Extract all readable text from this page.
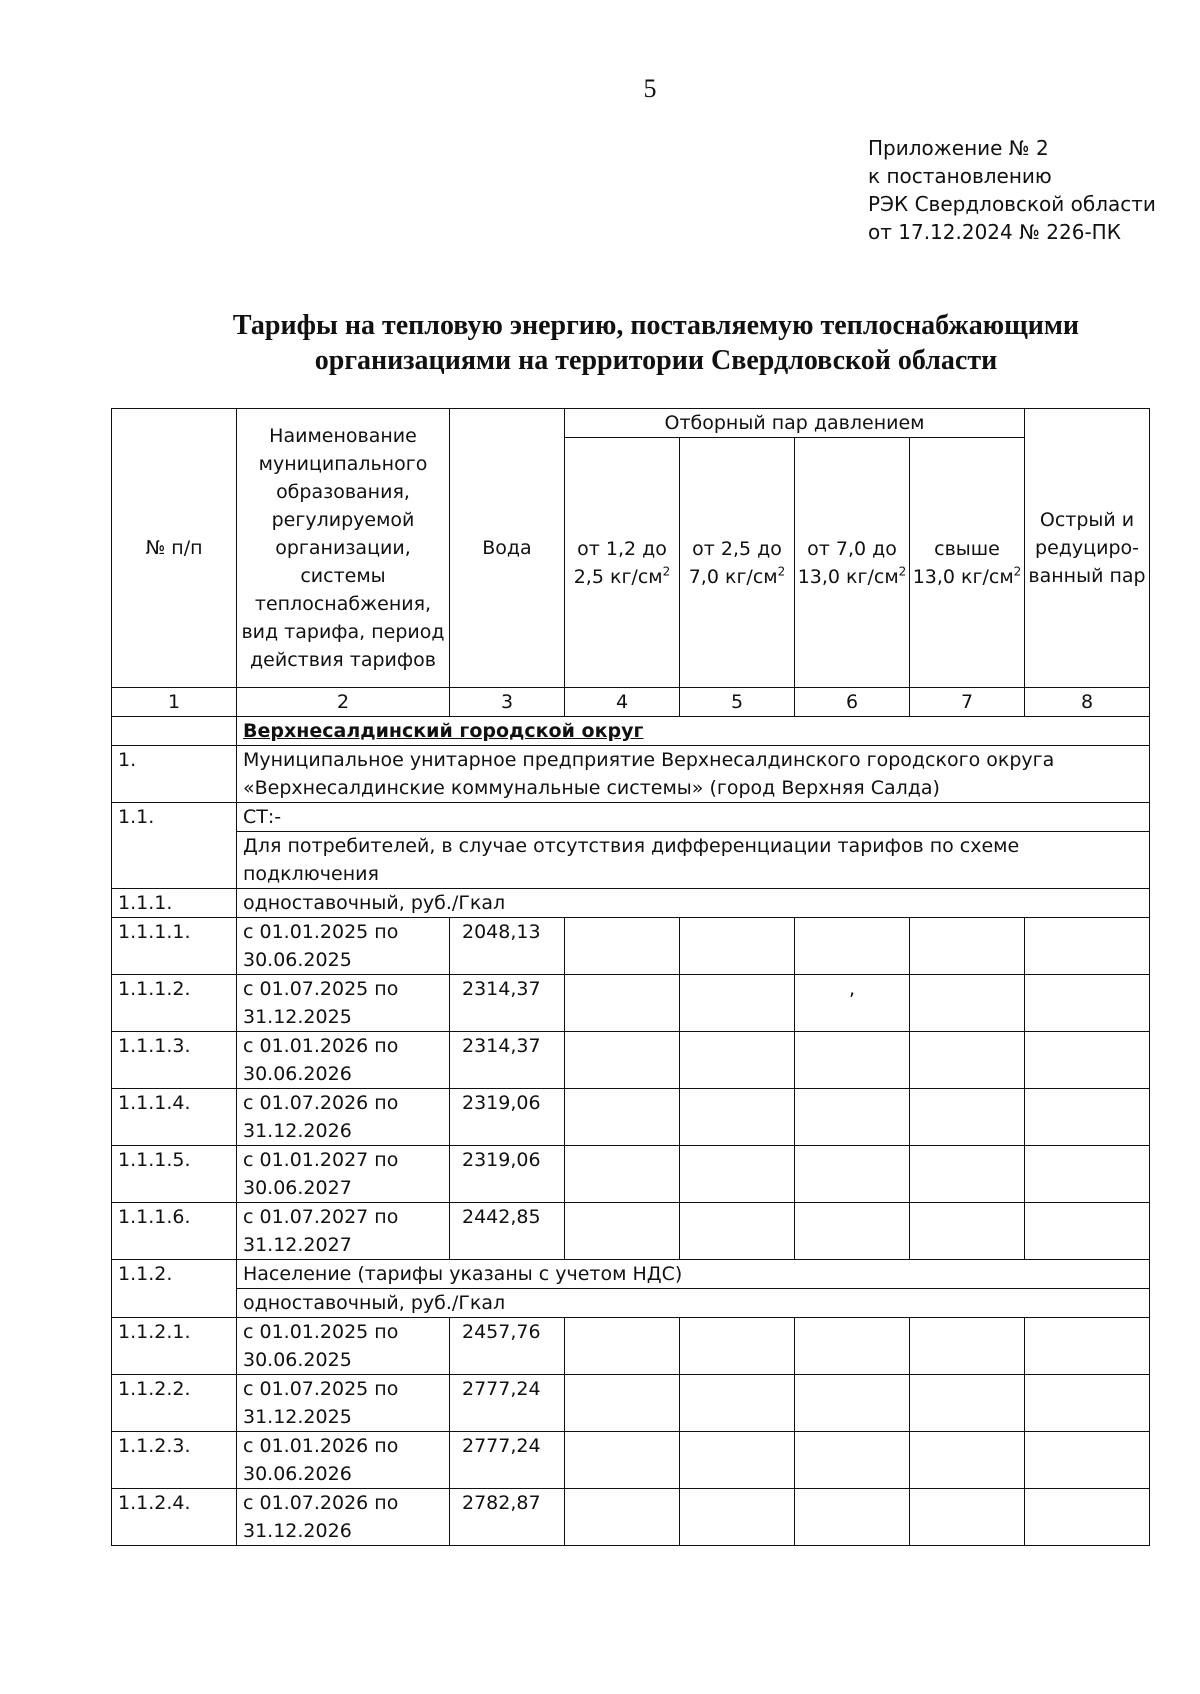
5
Приложение № 2
к постановлению
РЭК Свердловской области
от 17.12.2024 № 226-ПК
Тарифы на тепловую энергию, поставляемую теплоснабжающими
организациями на территории Свердловской области
№ п/п	Наименование муниципального образования, регулируемой организации, системы теплоснабжения, вид тарифа, период действия тарифов	Вода	Отборный пар давлением				Острый и редуциро-ванный пар
			от 1,2 до 2,5 $кг/см^2$	от 2,5 до 7,0 $кг/см^2$	от 7,0 до 13,0 $кг/см^2$	свыше 13,0 $кг/см^2$
1	2	3	4	5	6	7	8
	Верхнесалдинский городской округ						
1.	Муниципальное унитарное предприятие Верхнесалдинского городского округа «Верхнесалдинские коммунальные системы» (город Верхняя Салда)						
1.1.	СТ:-						
	Для потребителей, в случае отсутствия дифференциации тарифов по схеме подключения						
1.1.1.	одноставочный, руб./Гкал						
1.1.1.1.	с 01.01.2025 по 30.06.2025	2048,13					
1.1.1.2.	с 01.07.2025 по 31.12.2025	2314,37			,		

1.1.1.3.	с 01.01.2026 по 30.06.2026	2314,37					
1.1.1.4.	с 01.07.2026 по 31.12.2026	2319,06					
1.1.1.5.	с 01.01.2027 по 30.06.2027	2319,06					
1.1.1.6.	с 01.07.2027 по 31.12.2027	2442,85					
1.1.2.	Население (тарифы указаны с учетом НДС)						
	одноставочный, руб./Гкал						
1.1.2.1.	с 01.01.2025 по 30.06.2025	2457,76					
1.1.2.2.	с 01.07.2025 по 31.12.2025	2777,24					
1.1.2.3.	с 01.01.2026 по 30.06.2026	2777,24					
1.1.2.4.	с 01.07.2026 по 31.12.2026	2782,87					
